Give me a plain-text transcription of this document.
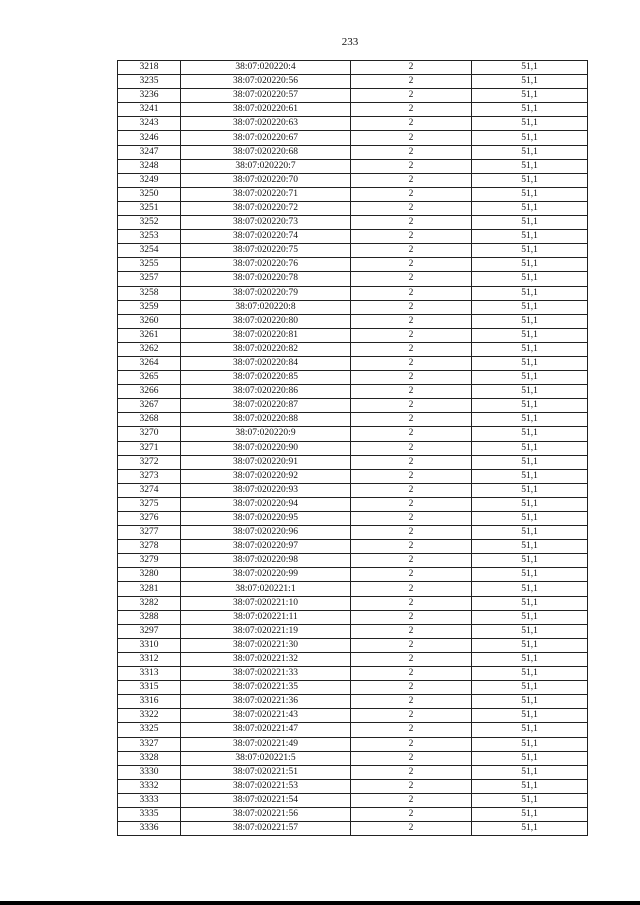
233
3218	38:07:020220:4	2	51,1
3235	38:07:020220:56	2	51,1
3236	38:07:020220:57	2	51,1
3241	38:07:020220:61	2	51,1
3243	38:07:020220:63	2	51,1
3246	38:07:020220:67	2	51,1
3247	38:07:020220:68	2	51,1
3248	38:07:020220:7	2	51,1
3249	38:07:020220:70	2	51,1
3250	38:07:020220:71	2	51,1
3251	38:07:020220:72	2	51,1
3252	38:07:020220:73	2	51,1
3253	38:07:020220:74	2	51,1
3254	38:07:020220:75	2	51,1
3255	38:07:020220:76	2	51,1
3257	38:07:020220:78	2	51,1
3258	38:07:020220:79	2	51,1
3259	38:07:020220:8	2	51,1
3260	38:07:020220:80	2	51,1
3261	38:07:020220:81	2	51,1
3262	38:07:020220:82	2	51,1
3264	38:07:020220:84	2	51,1
3265	38:07:020220:85	2	51,1
3266	38:07:020220:86	2	51,1
3267	38:07:020220:87	2	51,1
3268	38:07:020220:88	2	51,1
3270	38:07:020220:9	2	51,1
3271	38:07:020220:90	2	51,1
3272	38:07:020220:91	2	51,1
3273	38:07:020220:92	2	51,1
3274	38:07:020220:93	2	51,1
3275	38:07:020220:94	2	51,1
3276	38:07:020220:95	2	51,1
3277	38:07:020220:96	2	51,1
3278	38:07:020220:97	2	51,1
3279	38:07:020220:98	2	51,1
3280	38:07:020220:99	2	51,1
3281	38:07:020221:1	2	51,1
3282	38:07:020221:10	2	51,1
3288	38:07:020221:11	2	51,1
3297	38:07:020221:19	2	51,1
3310	38:07:020221:30	2	51,1
3312	38:07:020221:32	2	51,1
3313	38:07:020221:33	2	51,1
3315	38:07:020221:35	2	51,1
3316	38:07:020221:36	2	51,1
3322	38:07:020221:43	2	51,1
3325	38:07:020221:47	2	51,1
3327	38:07:020221:49	2	51,1
3328	38:07:020221:5	2	51,1
3330	38:07:020221:51	2	51,1
3332	38:07:020221:53	2	51,1
3333	38:07:020221:54	2	51,1
3335	38:07:020221:56	2	51,1
3336	38:07:020221:57	2	51,1
